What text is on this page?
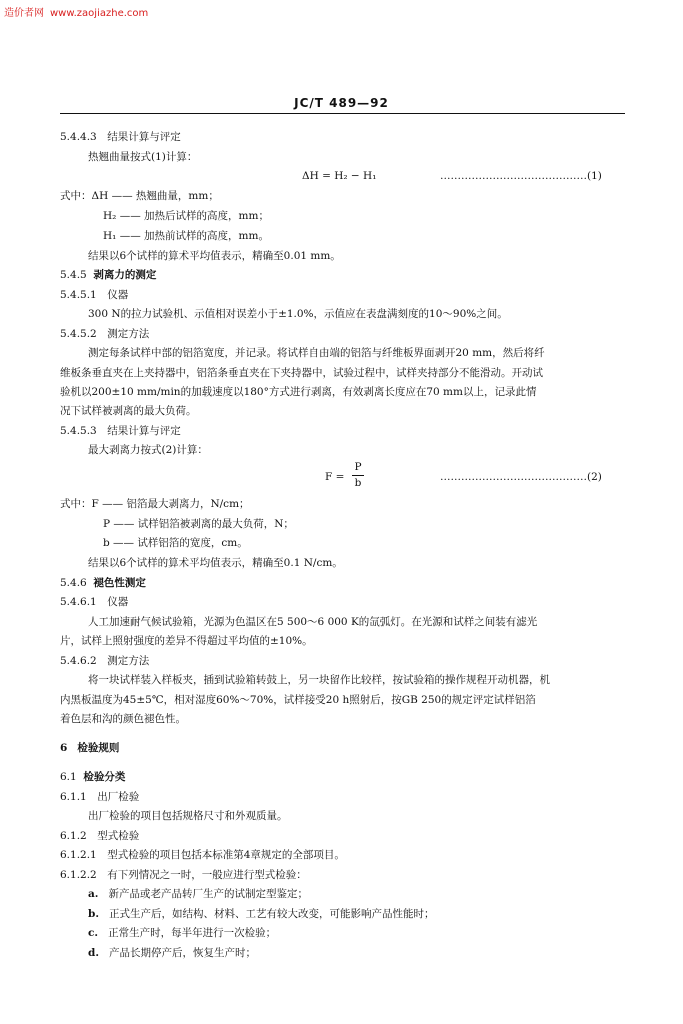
造价者网 www.zaojiazhe.com
JC/T 489—92
5.4.4.3　结果计算与评定
热翘曲量按式(1)计算：
ΔH = H₂ − H₁	……………………………………(1)
式中：ΔH —— 热翘曲量，mm；
H₂ —— 加热后试样的高度，mm；
H₁ —— 加热前试样的高度，mm。
结果以6个试样的算术平均值表示，精确至0.01 mm。
5.4.5 剥离力的测定
5.4.5.1　仪器
300 N的拉力试验机、示值相对误差小于±1.0%，示值应在表盘满刻度的10～90%之间。
5.4.5.2　测定方法
测定每条试样中部的铝箔宽度，并记录。将试样自由端的铝箔与纤维板界面剥开20 mm，然后将纤
维板条垂直夹在上夹持器中，铝箔条垂直夹在下夹持器中，试验过程中，试样夹持部分不能滑动。开动试
验机以200±10 mm/min的加载速度以180°方式进行剥离，有效剥离长度应在70 mm以上，记录此情
况下试样被剥离的最大负荷。
5.4.5.3　结果计算与评定
最大剥离力按式(2)计算：
F =
P
b	……………………………………(2)
式中：F —— 铝箔最大剥离力，N/cm；
P —— 试样铝箔被剥离的最大负荷，N；
b —— 试样铝箔的宽度，cm。
结果以6个试样的算术平均值表示，精确至0.1 N/cm。
5.4.6 褪色性测定
5.4.6.1　仪器
人工加速耐气候试验箱，光源为色温区在5 500～6 000 K的氙弧灯。在光源和试样之间装有滤光
片，试样上照射强度的差异不得超过平均值的±10%。
5.4.6.2　测定方法
将一块试样装入样板夹，插到试验箱转鼓上，另一块留作比较样，按试验箱的操作规程开动机器，机
内黑板温度为45±5℃，相对湿度60%～70%，试样接受20 h照射后，按GB 250的规定评定试样铝箔
着色层和沟的颜色褪色性。
6 检验规则
6.1 检验分类
6.1.1　出厂检验
出厂检验的项目包括规格尺寸和外观质量。
6.1.2　型式检验
6.1.2.1　型式检验的项目包括本标准第4章规定的全部项目。
6.1.2.2　有下列情况之一时，一般应进行型式检验：
a. 新产品或老产品转厂生产的试制定型鉴定；
b. 正式生产后，如结构、材料、工艺有较大改变，可能影响产品性能时；
c. 正常生产时，每半年进行一次检验；
d. 产品长期停产后，恢复生产时；
